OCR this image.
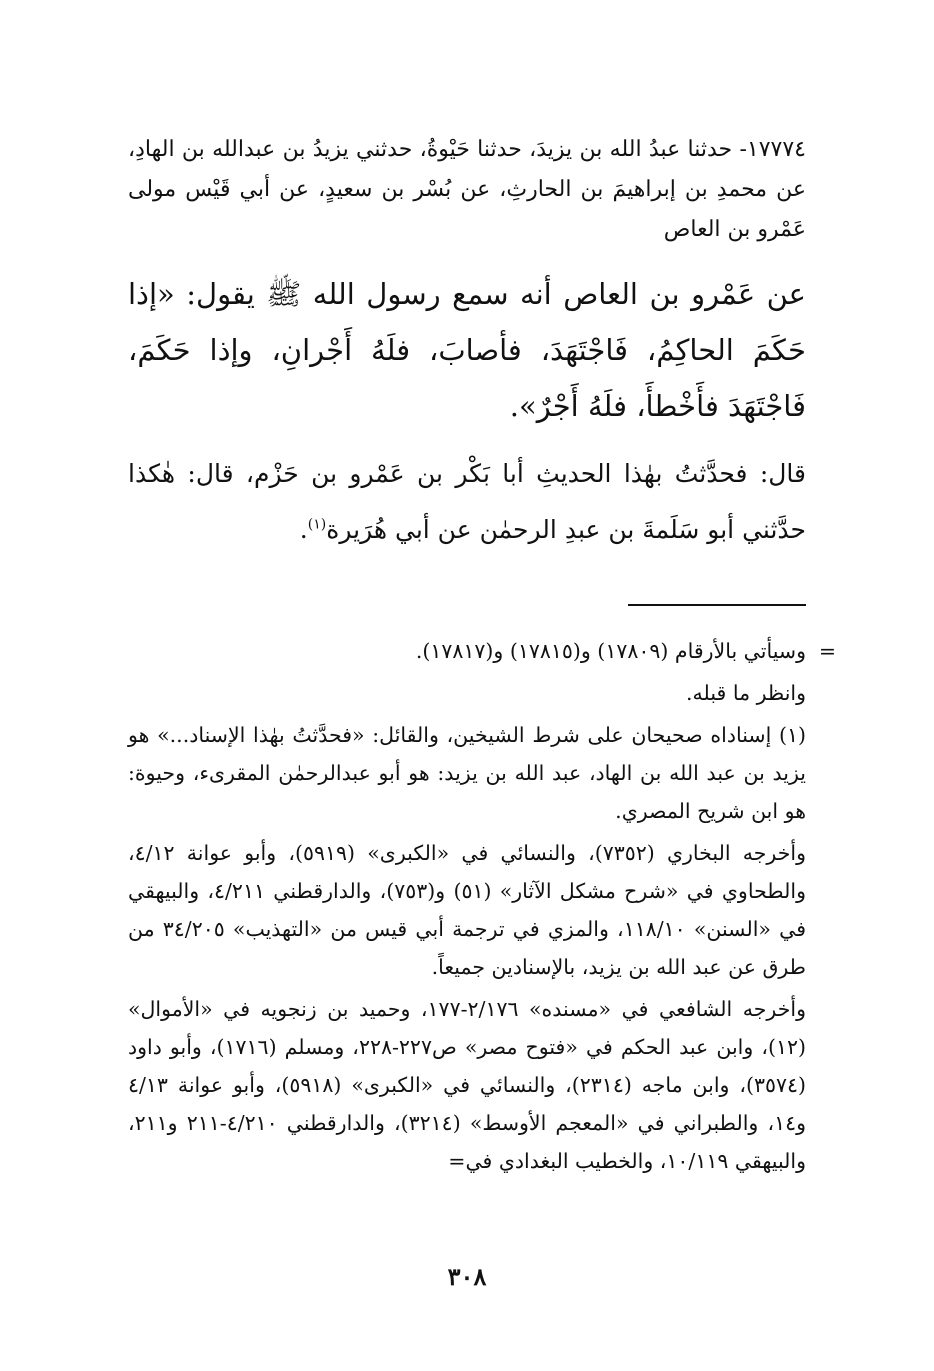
١٧٧٧٤- حدثنا عبدُ الله بن يزيدَ، حدثنا حَيْوةُ، حدثني يزيدُ بن عبدالله بن الهادِ، عن محمدِ بن إبراهيمَ بن الحارثِ، عن بُسْر بن سعيدٍ، عن أبي قَيْس مولى عَمْرو بن العاص

عن عَمْرو بن العاص أنه سمع رسول الله ﷺ يقول: «إذا حَكَمَ الحاكِمُ، فَاجْتَهَدَ، فأصابَ، فلَهُ أَجْرانِ، وإذا حَكَمَ، فَاجْتَهَدَ فأَخْطأَ، فلَهُ أَجْرٌ».

قال: فحدَّثتُ بهٰذا الحديثِ أبا بَكْر بن عَمْرو بن حَزْم، قال: هٰكذا حدَّثني أبو سَلَمةَ بن عبدِ الرحمٰن عن أبي هُرَيرة$^{(١)}$.

=
وسيأتي بالأرقام (١٧٨٠٩) و(١٧٨١٥) و(١٧٨١٧).

وانظر ما قبله.

(١) إسناداه صحيحان على شرط الشيخين، والقائل: «فحدَّثتُ بهٰذا الإسناد...» هو يزيد بن عبد الله بن الهاد، عبد الله بن يزيد: هو أبو عبدالرحمٰن المقرىء، وحيوة: هو ابن شريح المصري.

وأخرجه البخاري (٧٣٥٢)، والنسائي في «الكبرى» (٥٩١٩)، وأبو عوانة ٤/١٢، والطحاوي في «شرح مشكل الآثار» (٥١) و(٧٥٣)، والدارقطني ٤/٢١١، والبيهقي في «السنن» ١١٨/١٠، والمزي في ترجمة أبي قيس من «التهذيب» ٣٤/٢٠٥ من طرق عن عبد الله بن يزيد، بالإسنادين جميعاً.

وأخرجه الشافعي في «مسنده» ٢/١٧٦-١٧٧، وحميد بن زنجويه في «الأموال» (١٢)، وابن عبد الحكم في «فتوح مصر» ص٢٢٧-٢٢٨، ومسلم (١٧١٦)، وأبو داود (٣٥٧٤)، وابن ماجه (٢٣١٤)، والنسائي في «الكبرى» (٥٩١٨)، وأبو عوانة ٤/١٣ و١٤، والطبراني في «المعجم الأوسط» (٣٢١٤)، والدارقطني ٤/٢١٠-٢١١ و٢١١، والبيهقي ١٠/١١٩، والخطيب البغدادي في=

٣٠٨
